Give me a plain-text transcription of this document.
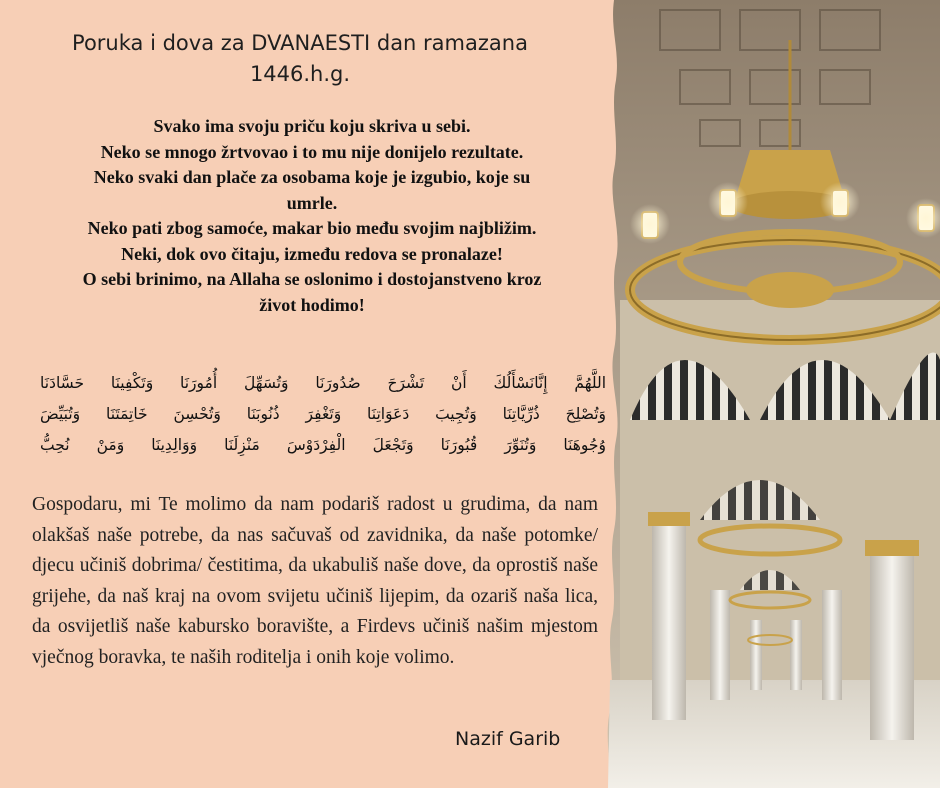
Poruka i dova za DVANAESTI dan ramazana
1446.h.g.
Svako ima svoju priču koju skriva u sebi.
Neko se mnogo žrtvovao i to mu nije donijelo rezultate.
Neko svaki dan plače za osobama koje je izgubio, koje su
umrle.
Neko pati zbog samoće, makar bio među svojim najbližim.
Neki, dok ovo čitaju, između redova se pronalaze!
O sebi brinimo, na Allaha se oslonimo i dostojanstveno kroz
život hodimo!
اللَّهُمَّ إِنَّانَسْأَلُكَ أَنْ تَشْرَحَ صُدُورَنَا وَتُسَهِّلَ أُمُورَنَا وَتَكْفِينَا حَسَّادَنَا
وَتُصْلِحَ ذُرِّيَّاتِنَا وَتُجِيبَ دَعَوَاتِنَا وَتَغْفِرَ ذُنُوبَنَا وَتُحْسِنَ خَاتِمَتَنَا وَتُبَيِّضَ
وُجُوهَنَا وَتُنَوِّرَ قُبُورَنَا وَتَجْعَلَ الْفِرْدَوْسَ مَنْزِلَنَا وَوَالِدِينَا وَمَنْ نُحِبُّ
Gospodaru, mi Te molimo da nam podariš radost u grudima, da nam olakšaš naše potrebe, da nas sačuvaš od zavidnika, da naše potomke/ djecu učiniš dobrima/ čestitima, da ukabuliš naše dove, da oprostiš naše grijehe, da naš kraj na ovom svijetu učiniš lijepim, da ozariš naša lica, da osvijetliš naše kabursko boravište, a Firdevs učiniš našim mjestom vječnog boravka, te naših roditelja i onih koje volimo.
Nazif Garib
